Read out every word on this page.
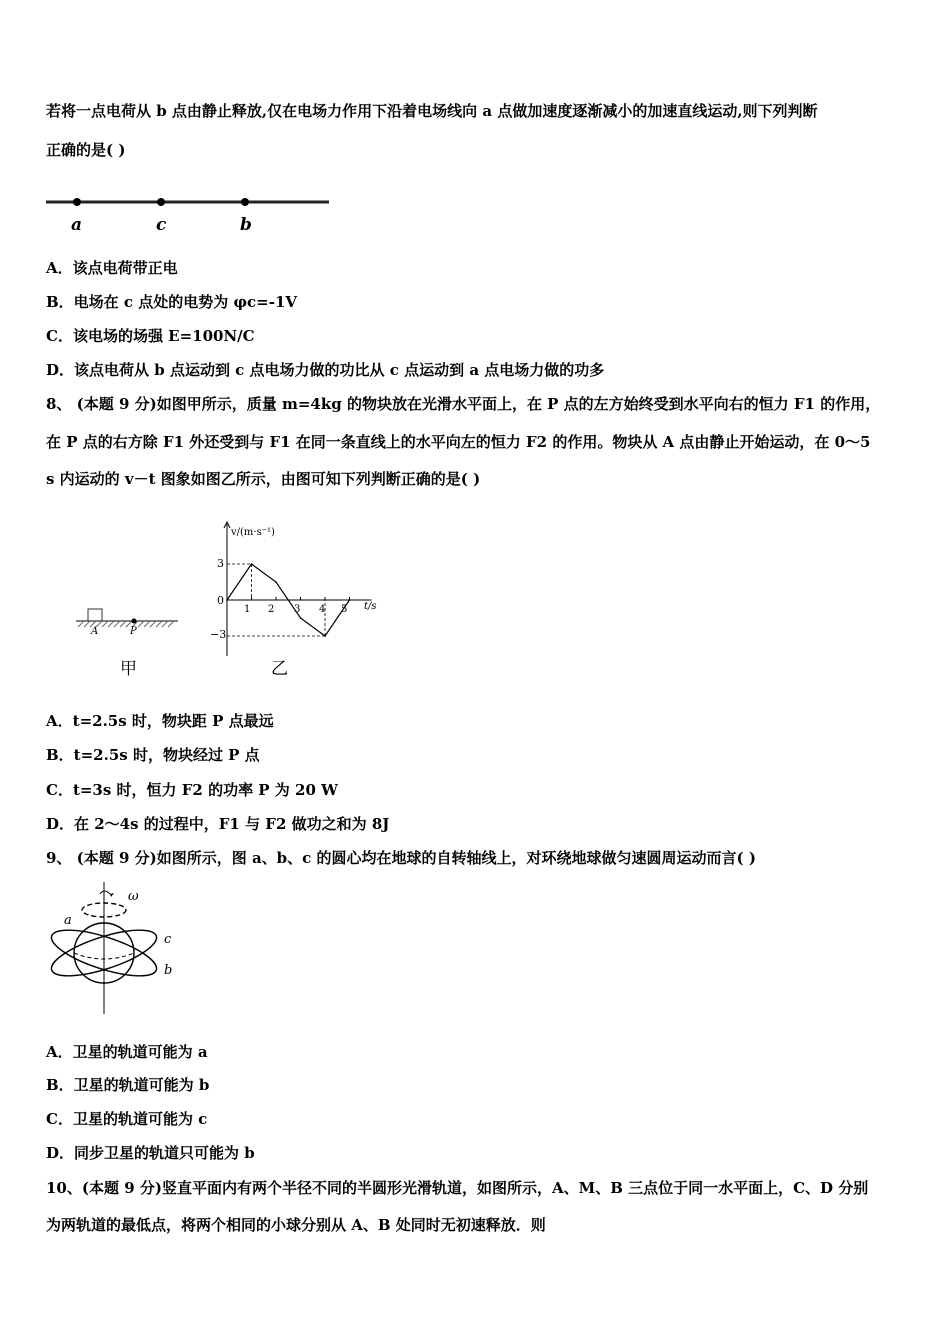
若将一点电荷从 b 点由静止释放,仅在电场力作用下沿着电场线向 a 点做加速度逐渐减小的加速直线运动,则下列判断
正确的是( )
a	c	b
A．该点电荷带正电
B．电场在 c 点处的电势为 φc=-1V
C．该电场的场强 E=100N/C
D．该点电荷从 b 点运动到 c 点电场力做的功比从 c 点运动到 a 点电场力做的功多
8、 (本题 9 分)如图甲所示，质量 m=4kg 的物块放在光滑水平面上，在 P 点的左方始终受到水平向右的恒力 F1 的作用，
在 P 点的右方除 F1 外还受到与 F1 在同一条直线上的水平向左的恒力 F2 的作用。物块从 A 点由静止开始运动，在 0～5
s 内运动的 v－t 图象如图乙所示，由图可知下列判断正确的是( )
A	P
甲
v/(m·s⁻¹)
t/s
3
0
−3
1 2 3 4 5
乙
A．t=2.5s 时，物块距 P 点最远
B．t=2.5s 时，物块经过 P 点
C．t=3s 时，恒力 F2 的功率 P 为 20 W
D．在 2～4s 的过程中，F1 与 F2 做功之和为 8J
9、 (本题 9 分)如图所示，图 a、b、c 的圆心均在地球的自转轴线上，对环绕地球做匀速圆周运动而言( )
ω
a
c
b
A．卫星的轨道可能为 a
B．卫星的轨道可能为 b
C．卫星的轨道可能为 c
D．同步卫星的轨道只可能为 b
10、(本题 9 分)竖直平面内有两个半径不同的半圆形光滑轨道，如图所示，A、M、B 三点位于同一水平面上，C、D 分别
为两轨道的最低点，将两个相同的小球分别从 A、B 处同时无初速释放．则
